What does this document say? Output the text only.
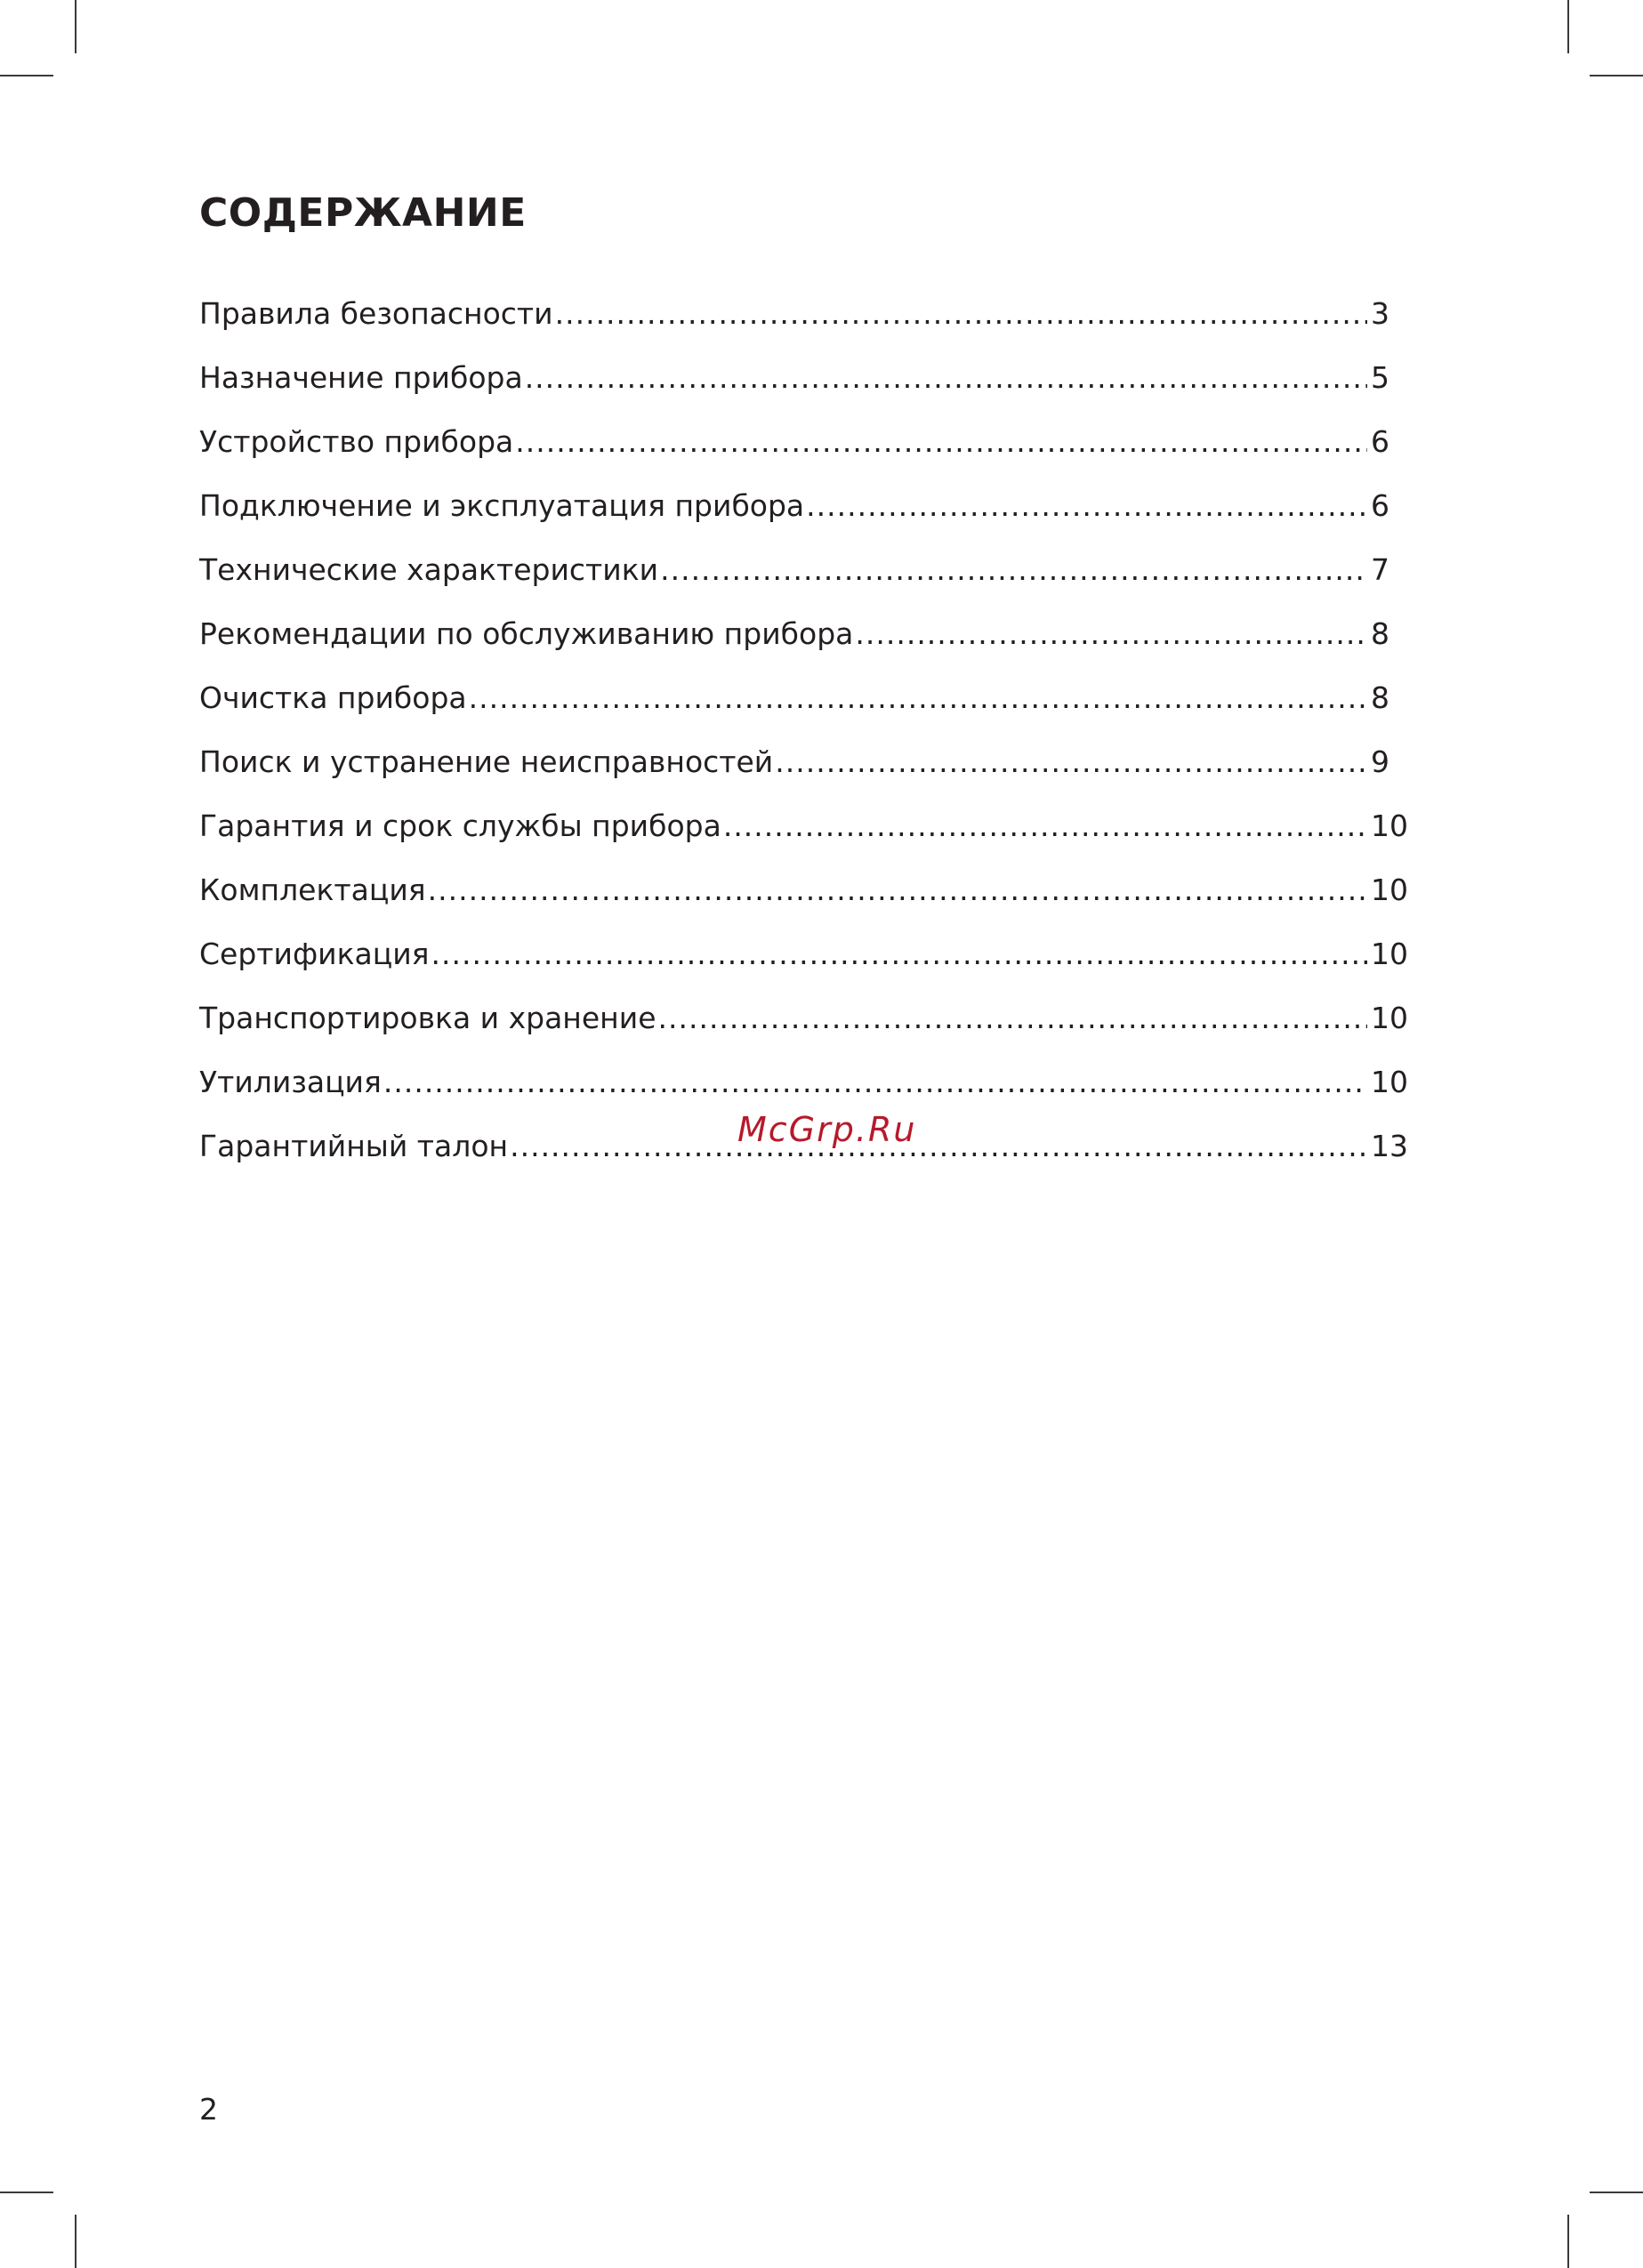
СОДЕРЖАНИЕ
Правила безопасности .....	3
Назначение прибора .....	5
Устройство прибора .....	6
Подключение и эксплуатация прибора .....	6
Технические характеристики .....	7
Рекомендации по обслуживанию прибора .....	8
Очистка прибора .....	8
Поиск и устранение неисправностей .....	9
Гарантия и срок службы прибора .....	10
Комплектация .....	10
Сертификация .....	10
Транспортировка и хранение .....	10
Утилизация .....	10
Гарантийный талон .....	13
McGrp.Ru
2
